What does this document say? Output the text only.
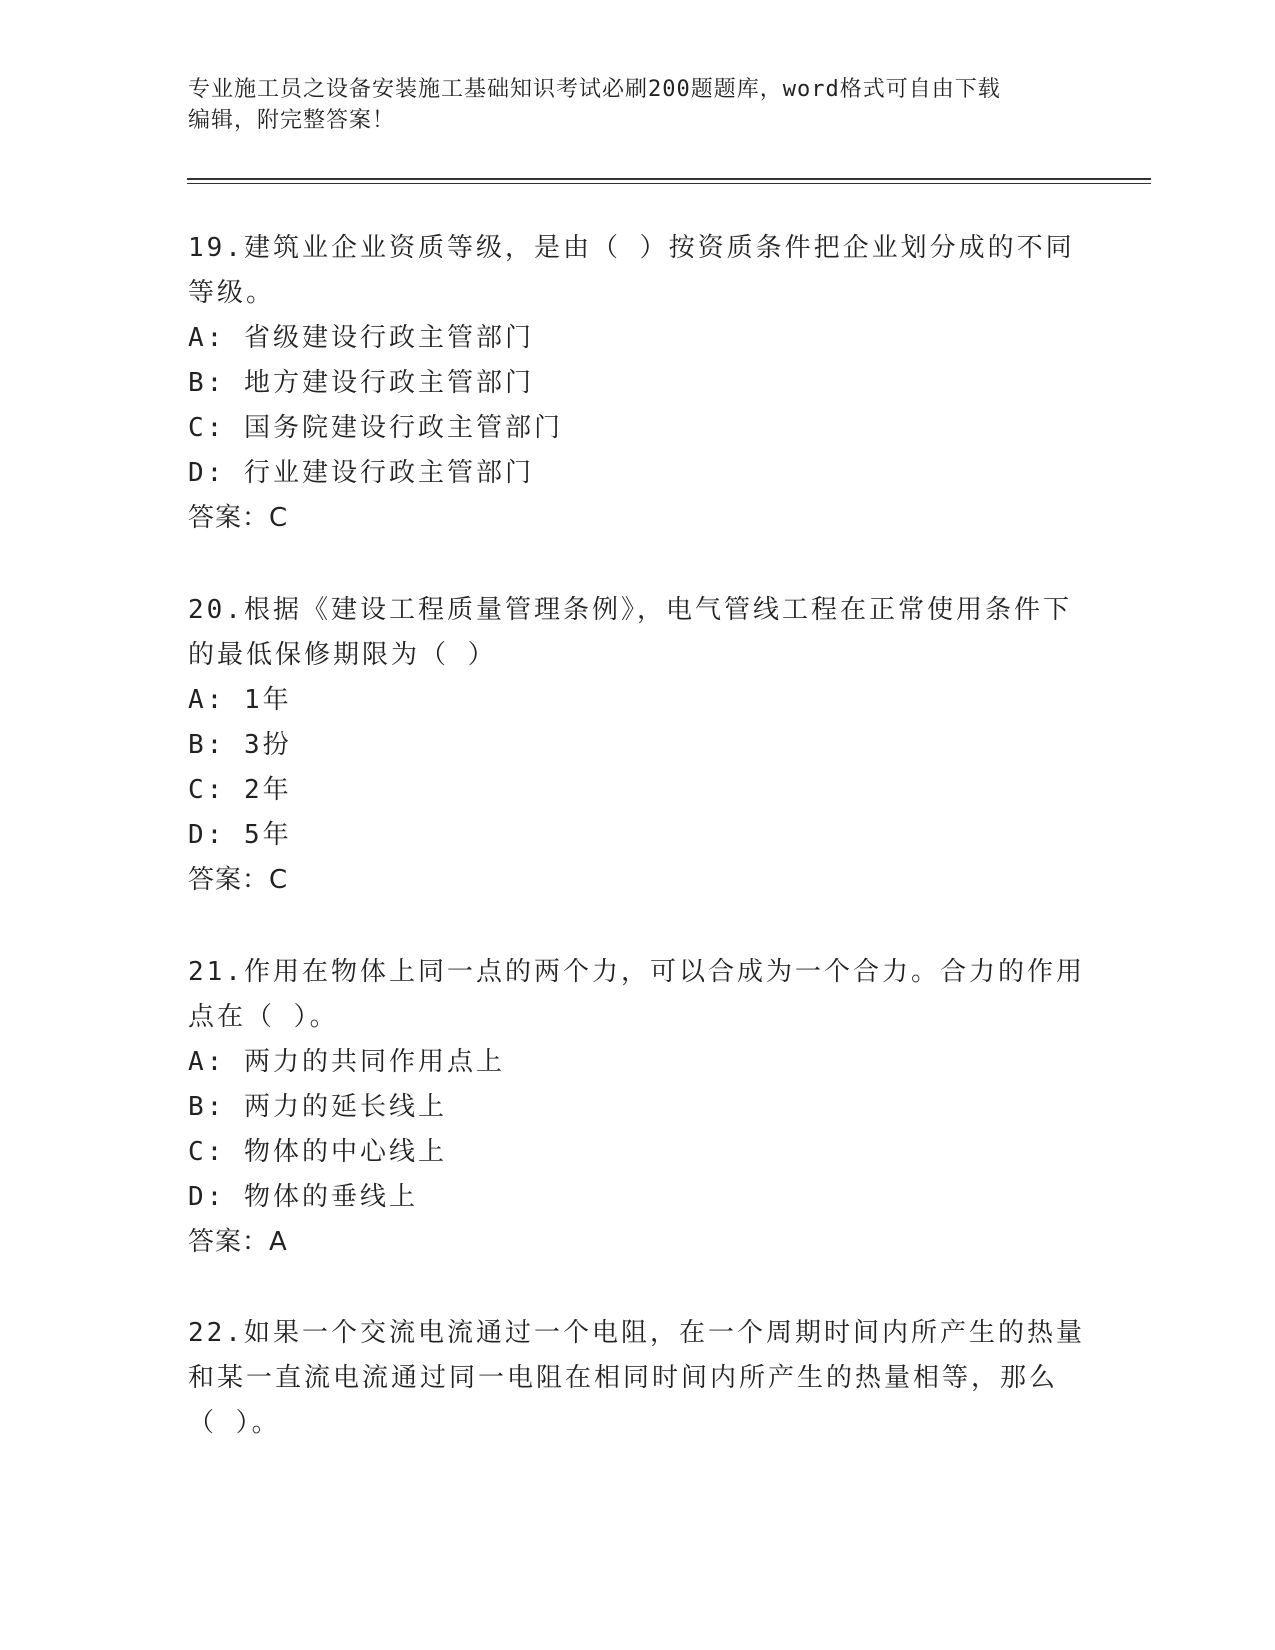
专业施工员之设备安装施工基础知识考试必刷200题题库，word格式可自由下载
编辑，附完整答案！
19.建筑业企业资质等级，是由（ ）按资质条件把企业划分成的不同
等级。
A: 省级建设行政主管部门
B: 地方建设行政主管部门
C: 国务院建设行政主管部门
D: 行业建设行政主管部门
答案：C
20.根据《建设工程质量管理条例》，电气管线工程在正常使用条件下
的最低保修期限为（ ）
A: 1年
B: 3扮
C: 2年
D: 5年
答案：C
21.作用在物体上同一点的两个力，可以合成为一个合力。合力的作用
点在（ ）。
A: 两力的共同作用点上
B: 两力的延长线上
C: 物体的中心线上
D: 物体的垂线上
答案：A
22.如果一个交流电流通过一个电阻，在一个周期时间内所产生的热量
和某一直流电流通过同一电阻在相同时间内所产生的热量相等，那么
（ ）。
